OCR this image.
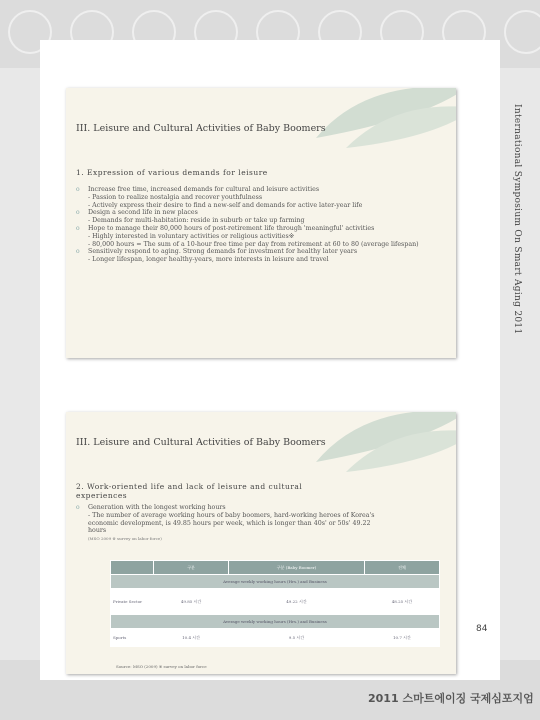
III. Leisure and Cultural Activities of Baby Boomers
1. Expression of various demands for leisure
o	Increase free time, increased demands for cultural and leisure activities
- Passion to realize nostalgia and recover youthfulness
- Actively express their desire to find a new-self and demands for active later-year life
o	Design a second life in new places
- Demands for multi-habitation: reside in suburb or take up farming
o	Hope to manage their 80,000 hours of post-retirement life through 'meaningful' activities
- Highly interested in voluntary activities or religious activities※
- 80,000 hours = The sum of a 10-hour free time per day from retirement at 60 to 80 (average lifespan)
o	Sensitively respond to aging. Strong demands for investment for healthy later years
- Longer lifespan, longer healthy-years, more interests in leisure and travel
III. Leisure and Cultural Activities of Baby Boomers
2. Work-oriented life and lack of leisure and cultural experiences
o	Generation with the longest working hours
- The number of average working hours of baby boomers, hard-working heroes of Korea's economic development, is 49.85 hours per week, which is longer than 40s' or 50s' 49.22 hours
(MSO 2009 ※ survey on labor force)
	구분	구분 (Baby Boomer)	전체
Average weekly working hours (Hrs.) and Business			
Private Sector	49.85 시간	49.22 시간	48.25 시간
Average weekly working hours (Hrs.) and Business			
Sports	10.4 시간	9.5 시간	10.7 시간
Source: MSO (2009) ※ survey on labor force
International Symposium On Smart Aging 2011
84
2011 스마트에이징 국제심포지엄
